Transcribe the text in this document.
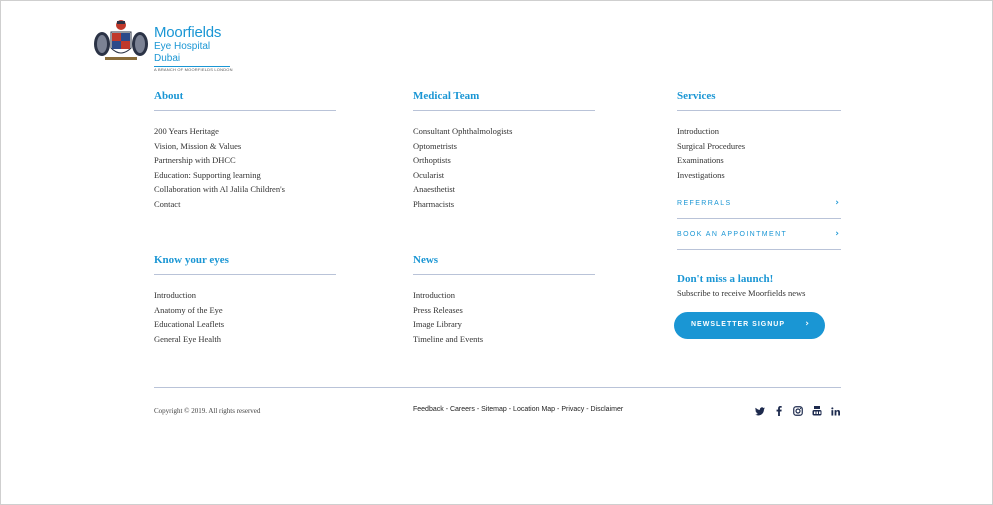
Moorfields
Eye Hospital Dubai
A BRANCH OF MOORFIELDS LONDON
About
200 Years Heritage
Vision, Mission & Values
Partnership with DHCC
Education: Supporting learning
Collaboration with Al Jalila Children's
Contact
Medical Team
Consultant Ophthalmologists
Optometrists
Orthoptists
Ocularist
Anaesthetist
Pharmacists
Services
Introduction
Surgical Procedures
Examinations
Investigations
REFERRALS	›
BOOK AN APPOINTMENT	›
Know your eyes
Introduction
Anatomy of the Eye
Educational Leaflets
General Eye Health
News
Introduction
Press Releases
Image Library
Timeline and Events
Don't miss a launch!
Subscribe to receive Moorfields news
NEWSLETTER SIGNUP ›
Copyright © 2019. All rights reserved	Feedback - Careers - Sitemap - Location Map - Privacy - Disclaimer
